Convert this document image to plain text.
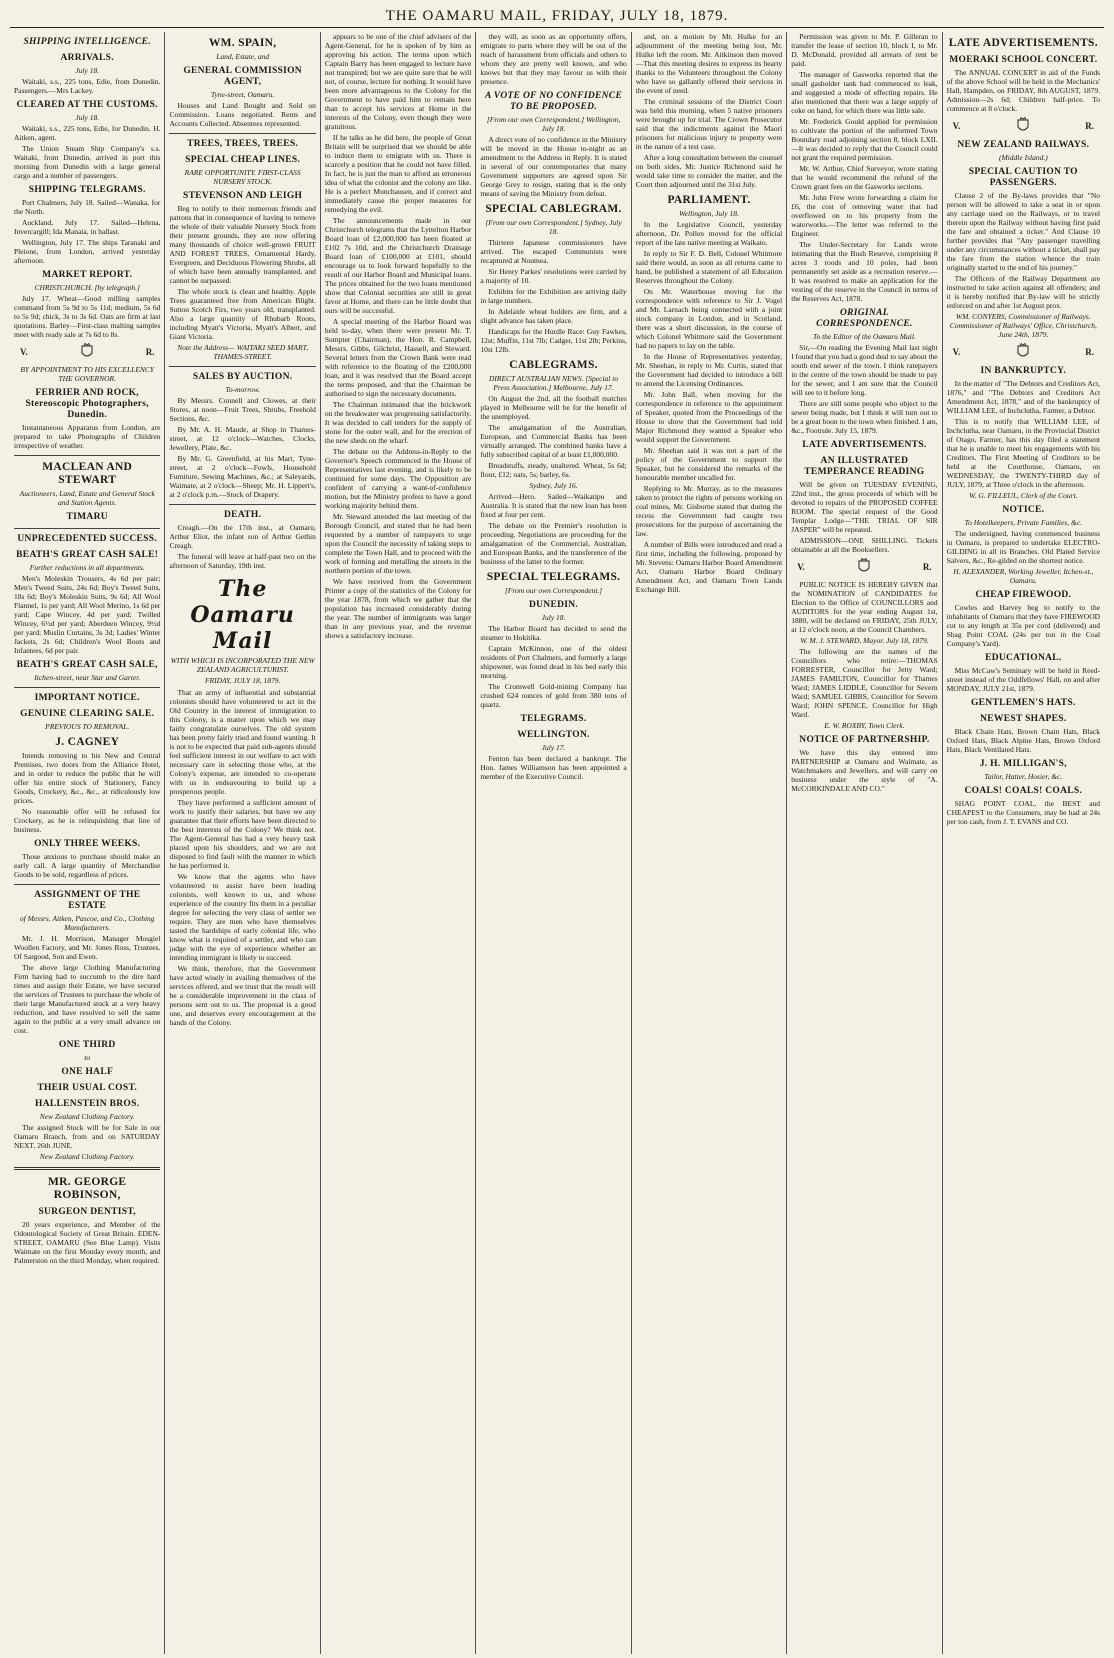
THE OAMARU MAIL, FRIDAY, JULY 18, 1879.
SHIPPING INTELLIGENCE.
ARRIVALS.
July 18.

Waitaki, s.s., 225 tons, Edie, from Dunedin. Passengers.—Mrs Lackey.

CLEARED AT THE CUSTOMS.
July 18.

Waitaki, s.s., 225 tons, Edie, for Dunedin. H. Aitken, agent.

The Union Steam Ship Company's s.s. Waitaki, from Dunedin, arrived in port this morning from Dunedin with a large general cargo and a number of passengers.

SHIPPING TELEGRAMS.

Port Chalmers, July 18. Sailed—Wanaka, for the North.

Auckland, July 17. Sailed—Helena, Invercargill; Ida Manaia, in ballast.

Wellington, July 17. The ships Taranaki and Pleione, from London, arrived yesterday afternoon.

MARKET REPORT.
CHRISTCHURCH. [by telegraph.]

July 17. Wheat—Good milling samples command from 5s 9d to 5s 11d; medium, 5s 6d to 5s 9d; chick, 3s to 3s 6d. Oats are firm at last quotations. Barley—First-class malting samples meet with ready sale at 7s 6d to 8s.

V.	R.
BY APPOINTMENT TO HIS EXCELLENCY THE GOVERNOR.
FERRIER AND ROCK, Stereoscopic Photographers, Dunedin.

Instantaneous Apparatus from London, are prepared to take Photographs of Children irrespective of weather.

MACLEAN AND STEWART
Auctioneers, Land, Estate and General Stock and Station Agents.
TIMARU
UNPRECEDENTED SUCCESS.
BEATH'S GREAT CASH SALE!
Further reductions in all departments.

Men's Moleskin Trousers, 4s 6d per pair; Men's Tweed Suits, 24s 6d; Boy's Tweed Suits, 18s 6d; Boy's Moleskin Suits, 9s 6d; All Wool Flannel, 1s per yard; All Wool Merino, 1s 6d per yard; Cape Wincey, 4d per yard; Twilled Wincey, 6½d per yard; Aberdeen Wincey, 9½d per yard; Muslin Curtains, 3s 3d; Ladies' Winter Jackets, 2s 6d; Children's Wool Boots and Infantees, 6d per pair.

BEATH'S GREAT CASH SALE,
Itchen-street, near Star and Garter.
IMPORTANT NOTICE.
GENUINE CLEARING SALE.
PREVIOUS TO REMOVAL.
J. CAGNEY

Intends removing to his New and Central Premises, two doors from the Alliance Hotel, and in order to reduce the public that he will offer his entire stock of Stationery, Fancy Goods, Crockery, &c., &c., at ridiculously low prices.

No reasonable offer will be refused for Crockery, as he is relinquishing that line of business.

ONLY THREE WEEKS.

Those anxious to purchase should make an early call. A large quantity of Merchandise Goods to be sold, regardless of prices.

ASSIGNMENT OF THE ESTATE
of Messrs. Aitken, Pascoe, and Co., Clothing Manufacturers.

Mr. J. H. Morrison, Manager Mosgiel Woollen Factory, and Mr. Jones Ross, Trustees. Of Sargood, Son and Ewen.

The above large Clothing Manufacturing Firm having had to succumb to the dire hard times and assign their Estate, we have secured the services of Trustees to purchase the whole of their large Manufactured stock at a very heavy reduction, and have resolved to sell the same again to the public at a very small advance on cost.

ONE THIRD
to
ONE HALF
THEIR USUAL COST.
HALLENSTEIN BROS.
New Zealand Clothing Factory.

The assigned Stock will be for Sale in our Oamaru Branch, from and on SATURDAY NEXT, 26th JUNE.

New Zealand Clothing Factory.
MR. GEORGE ROBINSON,
SURGEON DENTIST,

20 years experience, and Member of the Odontological Society of Great Britain. EDEN-STREET, OAMARU (See Blue Lamp). Visits Waimate on the first Monday every month, and Palmerston on the third Monday, when required.

WM. SPAIN,
Land, Estate, and
GENERAL COMMISSION AGENT,
Tyne-street, Oamaru.

Houses and Land Bought and Sold on Commission. Loans negotiated. Rents and Accounts Collected. Absentees represented.

TREES, TREES, TREES.
SPECIAL CHEAP LINES.
RARE OPPORTUNITY. FIRST-CLASS NURSERY STOCK.
STEVENSON AND LEIGH

Beg to notify to their numerous friends and patrons that in consequence of having to remove the whole of their valuable Nursery Stock from their present grounds, they are now offering many thousands of choice well-grown FRUIT AND FOREST TREES, Ornamental Hardy, Evergreen, and Deciduous Flowering Shrubs, all of which have been annually transplanted, and cannot be surpassed.

The whole stock is clean and healthy. Apple Trees guaranteed free from American Blight. Sutton Scotch Firs, two years old, transplanted. Also a large quantity of Rhubarb Roots, including Myatt's Victoria, Myatt's Albert, and Giant Victoria.

Note the Address— WAITAKI SEED MART, THAMES-STREET.
SALES BY AUCTION.
To-morrow.

By Messrs. Connell and Clowes, at their Stores, at noon—Fruit Trees, Shrubs, Freehold Sections, &c.

By Mr. A. H. Maude, at Shop in Thames-street, at 12 o'clock—Watches, Clocks, Jewellery, Plate, &c.

By Mr. G. Greenfield, at his Mart, Tyne-street, at 2 o'clock—Fowls, Household Furniture, Sewing Machines, &c.; at Saleyards, Waimate, at 2 o'clock—Sheep; Mr. H. Lippert's, at 2 o'clock p.m.—Stock of Drapery.

DEATH.

Creagh.—On the 17th inst., at Oamaru, Arthur Eliot, the infant son of Arthur Gethin Creagh.

The funeral will leave at half-past two on the afternoon of Saturday, 19th inst.

The Oamaru Mail
WITH WHICH IS INCORPORATED THE NEW ZEALAND AGRICULTURIST.
FRIDAY, JULY 18, 1879.

That an army of influential and substantial colonists should have volunteered to act in the Old Country in the interest of immigration to this Colony, is a matter upon which we may fairly congratulate ourselves. The old system has been pretty fairly tried and found wanting. It is not to be expected that paid sub-agents should feel sufficient interest in our welfare to act with necessary care in selecting those who, at the Colony's expense, are intended to co-operate with us in endeavouring to build up a prosperous people.

They have performed a sufficient amount of work to justify their salaries, but have we any guarantee that their efforts have been directed to the best interests of the Colony? We think not. The Agent-General has had a very heavy task placed upon his shoulders, and we are not disposed to find fault with the manner in which he has performed it.

We know that the agents who have volunteered to assist have been leading colonists, well known to us, and whose experience of the country fits them in a peculiar degree for selecting the very class of settler we require. They are men who have themselves tasted the hardships of early colonial life, who know what is required of a settler, and who can judge with the eye of experience whether an intending immigrant is likely to succeed.

We think, therefore, that the Government have acted wisely in availing themselves of the services offered, and we trust that the result will be a considerable improvement in the class of persons sent out to us. The proposal is a good one, and deserves every encouragement at the hands of the Colony.

appears to be one of the chief advisers of the Agent-General, for he is spoken of by him as approving his action. The terms upon which Captain Barry has been engaged to lecture have not transpired; but we are quite sure that he will not, of course, lecture for nothing. It would have been more advantageous to the Colony for the Government to have paid him to remain here than to accept his services at Home in the interests of the Colony, even though they were gratuitous.

If he talks as he did here, the people of Great Britain will be surprised that we should be able to induce them to emigrate with us. There is scarcely a position that he could not have filled. In fact, he is just the man to afford an erroneous idea of what the colonist and the colony are like. He is a perfect Munchausen, and if correct and immediately cause the proper measures for remedying the evil.

The announcements made in our Christchurch telegrams that the Lyttelton Harbor Board loan of £2,000,000 has been floated at £102 7s 10d, and the Christchurch Drainage Board loan of £100,000 at £101, should encourage us to look forward hopefully to the result of our Harbor Board and Municipal loans. The prices obtained for the two loans mentioned show that Colonial securities are still in great favor at Home, and there can be little doubt that ours will be successful.

A special meeting of the Harbor Board was held to-day, when there were present Mr. T. Sumpter (Chairman), the Hon. R. Campbell, Messrs. Gibbs, Gilchrist, Hassell, and Steward. Several letters from the Crown Bank were read with reference to the floating of the £200,000 loan, and it was resolved that the Board accept the terms proposed, and that the Chairman be authorised to sign the necessary documents.

The Chairman intimated that the brickwork on the breakwater was progressing satisfactorily. It was decided to call tenders for the supply of stone for the outer wall, and for the erection of the new sheds on the wharf.

The debate on the Address-in-Reply to the Governor's Speech commenced in the House of Representatives last evening, and is likely to be continued for some days. The Opposition are confident of carrying a want-of-confidence motion, but the Ministry profess to have a good working majority behind them.

Mr. Steward attended the last meeting of the Borough Council, and stated that he had been requested by a number of ratepayers to urge upon the Council the necessity of taking steps to complete the Town Hall, and to proceed with the work of forming and metalling the streets in the northern portion of the town.

We have received from the Government Printer a copy of the statistics of the Colony for the year 1878, from which we gather that the population has increased considerably during the year. The number of immigrants was larger than in any previous year, and the revenue shows a satisfactory increase.

they will, as soon as an opportunity offers, emigrate to parts where they will be out of the reach of harassment from officials and others to whom they are pretty well known, and who knows but that they may favour us with their presence.

A VOTE OF NO CONFIDENCE TO BE PROPOSED.
[From our own Correspondent.] Wellington, July 18.

A direct vote of no confidence in the Ministry will be moved in the House to-night as an amendment to the Address in Reply. It is stated in several of our contemporaries that many Government supporters are agreed upon Sir George Grey to resign, stating that is the only means of saving the Ministry from defeat.

SPECIAL CABLEGRAM.
[From our own Correspondent.] Sydney, July 18.

Thirteen Japanese commissioners have arrived. The escaped Communists were recaptured at Noumea.

Sir Henry Parkes' resolutions were carried by a majority of 10.

Exhibits for the Exhibition are arriving daily in large numbers.

In Adelaide wheat holders are firm, and a slight advance has taken place.

Handicaps for the Hurdle Race: Guy Fawkes, 12st; Muffin, 11st 7lb; Cadger, 11st 2lb; Perkins, 10st 12lb.

CABLEGRAMS.
DIRECT AUSTRALIAN NEWS. [Special to Press Association.] Melbourne, July 17.

On August the 2nd, all the football matches played in Melbourne will be for the benefit of the unemployed.

The amalgamation of the Australian, European, and Commercial Banks has been virtually arranged. The combined banks have a fully subscribed capital of at least £1,000,000.

Breadstuffs, steady, unaltered. Wheat, 5s 6d; flour, £12; oats, 5s; barley, 6s.

Sydney, July 16.

Arrived—Hero. Sailed—Waikatipu and Australia. It is stated that the new loan has been fixed at four per cent.

The debate on the Premier's resolution is proceeding. Negotiations are proceeding for the amalgamation of the Commercial, Australian, and European Banks, and the transference of the business of the latter to the former.

SPECIAL TELEGRAMS.
[From our own Correspondent.]
DUNEDIN.
July 18.

The Harbor Board has decided to send the steamer to Hokitika.

Captain McKinnon, one of the oldest residents of Port Chalmers, and formerly a large shipowner, was found dead in his bed early this morning.

The Cromwell Gold-mining Company has crushed 624 ounces of gold from 380 tons of quartz.

TELEGRAMS.
WELLINGTON.
July 17.

Fenton has been declared a bankrupt. The Hon. James Williamson has been appointed a member of the Executive Council.

and, on a motion by Mr. Hulke for an adjournment of the meeting being lost, Mr. Hulke left the room. Mr. Aitkinson then moved—That this meeting desires to express its hearty thanks to the Volunteers throughout the Colony who have so gallantly offered their services in the event of need.

The criminal sessions of the District Court was held this morning, when 5 native prisoners were brought up for trial. The Crown Prosecutor said that the indictments against the Maori prisoners for malicious injury to property were in the nature of a test case.

After a long consultation between the counsel on both sides, Mr. Justice Richmond said he would take time to consider the matter, and the Court then adjourned until the 31st July.

PARLIAMENT.
Wellington, July 18.

In the Legislative Council, yesterday afternoon, Dr. Pollen moved for the official report of the late native meeting at Waikato.

In reply to Sir F. D. Bell, Colonel Whitmore said there would, as soon as all returns came to hand, be published a statement of all Education Reserves throughout the Colony.

On Mr. Waterhouse moving for the correspondence with reference to Sir J. Vogel and Mr. Larnach being connected with a joint stock company in London, and in Scotland, there was a short discussion, in the course of which Colonel Whitmore said the Government had no papers to lay on the table.

In the House of Representatives yesterday, Mr. Sheehan, in reply to Mr. Curtis, stated that the Government had decided to introduce a bill to amend the Licensing Ordinances.

Mr. John Ball, when moving for the correspondence in reference to the appointment of Speaker, quoted from the Proceedings of the House to show that the Government had told Major Richmond they wanted a Speaker who would support the Government.

Mr. Sheehan said it was not a part of the policy of the Government to support the Speaker, but he considered the remarks of the honourable member uncalled for.

Replying to Mr. Murray, as to the measures taken to protect the rights of persons working on coal mines, Mr. Gisborne stated that during the recess the Government had caught two prosecutions for the purpose of ascertaining the law.

A number of Bills were introduced and read a first time, including the following, proposed by Mr. Stevens: Oamaru Harbor Board Amendment Act, Oamaru Harbor Board Ordinary Amendment Act, and Oamaru Town Lands Exchange Bill.

Permission was given to Mr. P. Gilleran to transfer the lease of section 10, block I, to Mr. D. McDonald, provided all arrears of rent be paid.

The manager of Gasworks reported that the small gasholder tank had commenced to leak, and suggested a mode of effecting repairs. He also mentioned that there was a large supply of coke on hand, for which there was little sale.

Mr. Frederick Gould applied for permission to cultivate the portion of the unformed Town Boundary road adjoining section 8, block LXII.—It was decided to reply that the Council could not grant the required permission.

Mr. W. Arthur, Chief Surveyor, wrote stating that he would recommend the refund of the Crown grant fees on the Gasworks sections.

Mr. John Frew wrote forwarding a claim for £6, the cost of removing water that had overflowed on to his property from the waterworks.—The letter was referred to the Engineer.

The Under-Secretary for Lands wrote intimating that the Bush Reserve, comprising 8 acres 3 roods and 10 poles, had been permanently set aside as a recreation reserve.—It was resolved to make an application for the vesting of the reserve in the Council in terms of the Reserves Act, 1878.

ORIGINAL CORRESPONDENCE.
To the Editor of the Oamaru Mail.

Sir,—On reading the Evening Mail last night I found that you had a good deal to say about the south end sewer of the town. I think ratepayers in the centre of the town should be made to pay for the sewer, and I am sure that the Council will see to it before long.

There are still some people who object to the sewer being made, but I think it will turn out to be a great boon to the town when finished. I am, &c., Footrule. July 15, 1879.

LATE ADVERTISEMENTS.
AN ILLUSTRATED TEMPERANCE READING

Will be given on TUESDAY EVENING, 22nd inst., the gross proceeds of which will be devoted to repairs of the PROPOSED COFFEE ROOM. The special request of the Good Templar Lodge—"THE TRIAL OF SIR JASPER" will be repeated.

ADMISSION—ONE SHILLING. Tickets obtainable at all the Booksellers.

V.	R.

PUBLIC NOTICE IS HEREBY GIVEN that the NOMINATION of CANDIDATES for Election to the Office of COUNCILLORS and AUDITORS for the year ending August 1st, 1880, will be declared on FRIDAY, 25th JULY, at 12 o'clock noon, at the Council Chambers.

W. M. J. STEWARD, Mayor. July 18, 1879.

The following are the names of the Councillors who retire:—THOMAS FORRESTER, Councillor for Jetty Ward; JAMES FAMILTON, Councillor for Thames Ward; JAMES LIDDLE, Councillor for Severn Ward; SAMUEL GIBBS, Councillor for Severn Ward; JOHN SPENCE, Councillor for High Ward.

E. W. ROXBY, Town Clerk.
NOTICE OF PARTNERSHIP.

We have this day entered into PARTNERSHIP at Oamaru and Waimate, as Watchmakers and Jewellers, and will carry on business under the style of "A. McCORKINDALE AND CO."

LATE ADVERTISEMENTS.
MOERAKI SCHOOL CONCERT.

The ANNUAL CONCERT in aid of the Funds of the above School will be held in the Mechanics' Hall, Hampden, on FRIDAY, 8th AUGUST, 1879. Admission—2s 6d; Children half-price. To commence at 8 o'clock.

V.	R.
NEW ZEALAND RAILWAYS.
(Middle Island.)
SPECIAL CAUTION TO PASSENGERS.

Clause 2 of the By-laws provides that "No person will be allowed to take a seat in or upon any carriage used on the Railways, or to travel therein upon the Railway without having first paid the fare and obtained a ticket." And Clause 10 further provides that "Any passenger travelling under any circumstances without a ticket, shall pay the fare from the station whence the train originally started to the end of his journey."

The Officers of the Railway Department are instructed to take action against all offenders; and it is hereby notified that By-law will be strictly enforced on and after 1st August prox.

WM. CONYERS, Commissioner of Railways. Commissioner of Railways' Office, Christchurch, June 24th, 1879.
V.	R.
IN BANKRUPTCY.

In the matter of "The Debtors and Creditors Act, 1876," and "The Debtors and Creditors Act Amendment Act, 1878," and of the bankruptcy of WILLIAM LEE, of Inchclutha, Farmer, a Debtor.

This is to notify that WILLIAM LEE, of Inchclutha, near Oamaru, in the Provincial District of Otago, Farmer, has this day filed a statement that he is unable to meet his engagements with his Creditors. The First Meeting of Creditors to be held at the Courthouse, Oamaru, on WEDNESDAY, the TWENTY-THIRD day of JULY, 1879, at Three o'clock in the afternoon.

W. G. FILLEUL, Clerk of the Court.
NOTICE.
To Hotelkeepers, Private Families, &c.

The undersigned, having commenced business in Oamaru, is prepared to undertake ELECTRO-GILDING in all its Branches. Old Plated Service Salvers, &c., Re-gilded on the shortest notice.

H. ALEXANDER, Working Jeweller, Itchen-st., Oamaru.
CHEAP FIREWOOD.

Cowles and Harvey beg to notify to the inhabitants of Oamaru that they have FIREWOOD cut to any length at 35s per cord (delivered) and Shag Point COAL (24s per ton in the Coal Company's Yard).

EDUCATIONAL.

Miss McCaw's Seminary will be held in Reed-street instead of the Oddfellows' Hall, on and after MONDAY, JULY 21st, 1879.

GENTLEMEN'S HATS.
NEWEST SHAPES.

Black Chain Hats, Brown Chain Hats, Black Oxford Hats, Black Alpine Hats, Brown Oxford Hats, Black Ventilated Hats.

J. H. MILLIGAN'S,
Tailor, Hatter, Hosier, &c.
COALS! COALS! COALS.

SHAG POINT COAL, the BEST and CHEAPEST to the Consumers, may be had at 24s per ton cash, from J. T. EVANS and CO.
